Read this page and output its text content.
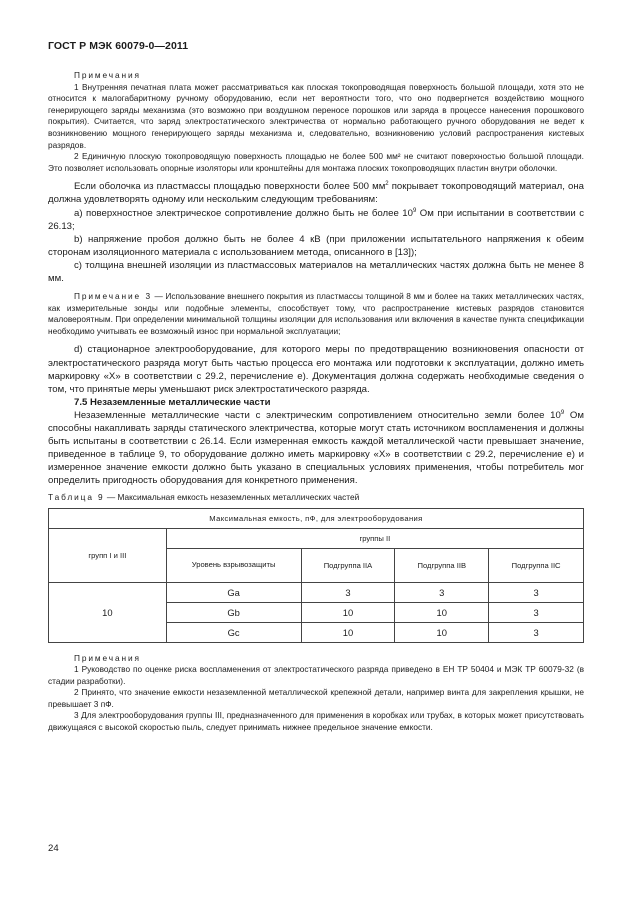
ГОСТ Р МЭК 60079-0—2011

Примечания

1 Внутренняя печатная плата может рассматриваться как плоская токопроводящая поверхность большой площади, хотя это не относится к малогабаритному ручному оборудованию, если нет вероятности того, что оно подвергнется воздействию мощного генерирующего заряды механизма (это возможно при воздушном переносе порошков или заряда в процессе нанесения порошкового покрытия). Считается, что заряд электростатического электричества от нормально работающего ручного оборудования не ведет к возникновению мощного генерирующего заряды механизма и, следовательно, возникновению условий распространения кистевых разрядов.

2 Единичную плоскую токопроводящую поверхность площадью не более 500 мм² не считают поверхностью большой площади. Это позволяет использовать опорные изоляторы или кронштейны для монтажа плоских токопроводящих пластин внутри оболочки.

Если оболочка из пластмассы площадью поверхности более 500 $мм^2$ покрывает токопроводящий материал, она должна удовлетворять одному или нескольким следующим требованиям:

a) поверхностное электрическое сопротивление должно быть не более $10^9$ Ом при испытании в соответствии с 26.13;

b) напряжение пробоя должно быть не более 4 кВ (при приложении испытательного напряжения к обеим сторонам изоляционного материала с использованием метода, описанного в [13]);

c) толщина внешней изоляции из пластмассовых материалов на металлических частях должна быть не менее 8 мм.

Примечание 3 — Использование внешнего покрытия из пластмассы толщиной 8 мм и более на таких металлических частях, как измерительные зонды или подобные элементы, способствует тому, что распространение кистевых разрядов становится маловероятным. При определении минимальной толщины изоляции для использования или включения в качестве пункта спецификации необходимо учитывать ее возможный износ при нормальной эксплуатации;

d) стационарное электрооборудование, для которого меры по предотвращению возникновения опасности от электростатического разряда могут быть частью процесса его монтажа или подготовки к эксплуатации, должно иметь маркировку «X» в соответствии с 29.2, перечисление e). Документация должна содержать необходимые сведения о том, что принятые меры уменьшают риск электростатического разряда.

7.5 Незаземленные металлические части

Незаземленные металлические части с электрическим сопротивлением относительно земли более $10^9$ Ом способны накапливать заряды статического электричества, которые могут стать источником воспламенения и должны быть испытаны в соответствии с 26.14. Если измеренная емкость каждой металлической части превышает значение, приведенное в таблице 9, то оборудование должно иметь маркировку «X» в соответствии с 29.2, перечисление e) и измеренное значение емкости должно быть указано в специальных условиях применения, чтобы потребитель мог определить пригодность оборудования для конкретного применения.

Таблица 9 — Максимальная емкость незаземленных металлических частей
Максимальная емкость, пФ, для электрооборудования				
групп I и III	группы II			
	Уровень взрывозащиты	Подгруппа IIA	Подгруппа IIB	Подгруппа IIC
10	Ga	3	3	3
	Gb	10	10	3
	Gc	10	10	3

Примечания

1 Руководство по оценке риска воспламенения от электростатического разряда приведено в ЕН ТР 50404 и МЭК ТР 60079-32 (в стадии разработки).

2 Принято, что значение емкости незаземленной металлической крепежной детали, например винта для закрепления крышки, не превышает 3 пФ.

3 Для электрооборудования группы III, предназначенного для применения в коробках или трубах, в которых может присутствовать движущаяся с высокой скоростью пыль, следует принимать нижнее предельное значение емкости.

24
